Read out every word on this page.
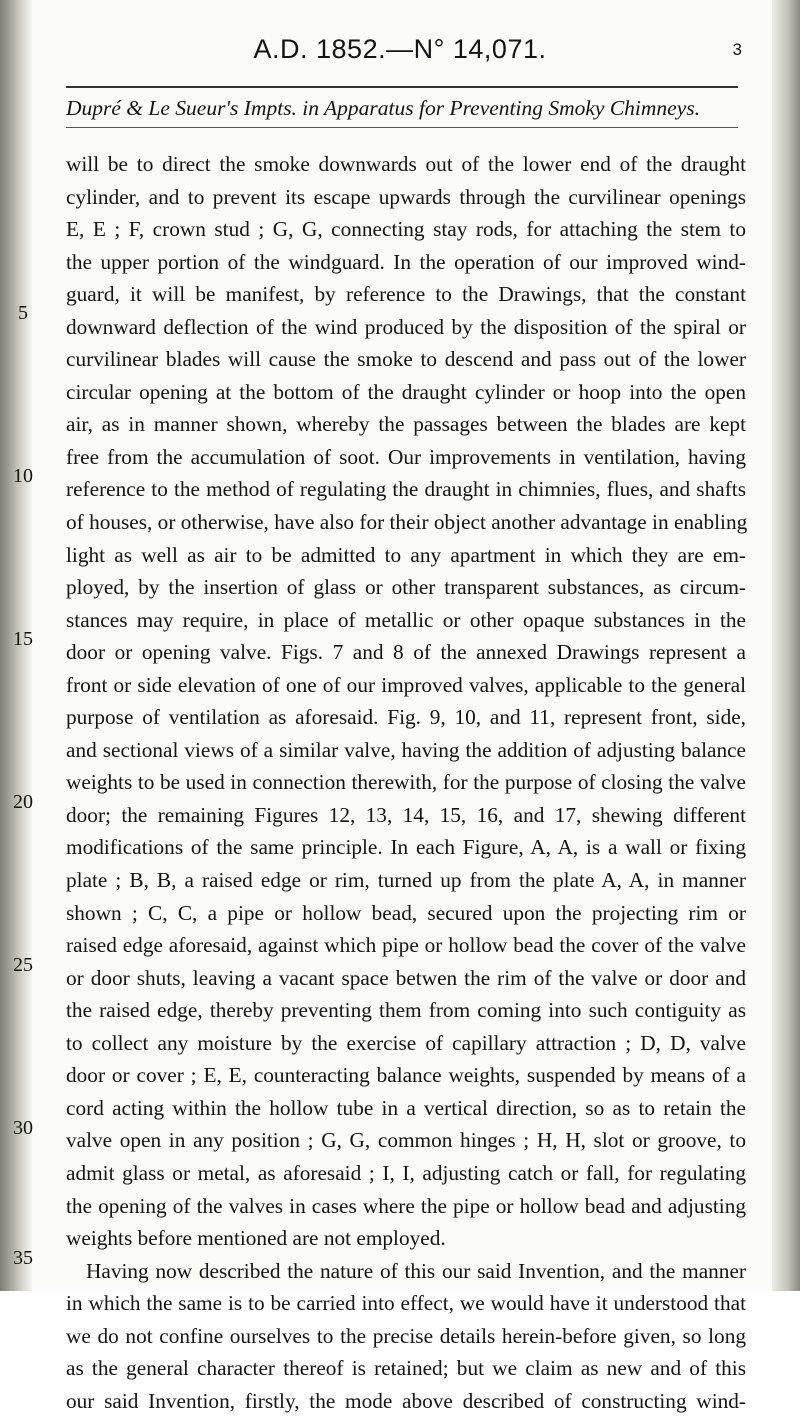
A.D. 1852.—N° 14,071.	3
Dupré & Le Sueur's Impts. in Apparatus for Preventing Smoky Chimneys.
5
10
15
20
25
30
will be to direct the smoke downwards out of the lower end of the draught
cylinder, and to prevent its escape upwards through the curvilinear openings
E, E ; F, crown stud ; G, G, connecting stay rods, for attaching the stem to
the upper portion of the windguard. In the operation of our improved wind-
guard, it will be manifest, by reference to the Drawings, that the constant
downward deflection of the wind produced by the disposition of the spiral or
curvilinear blades will cause the smoke to descend and pass out of the lower
circular opening at the bottom of the draught cylinder or hoop into the open
air, as in manner shown, whereby the passages between the blades are kept
free from the accumulation of soot. Our improvements in ventilation, having
reference to the method of regulating the draught in chimnies, flues, and shafts
of houses, or otherwise, have also for their object another advantage in enabling
light as well as air to be admitted to any apartment in which they are em-
ployed, by the insertion of glass or other transparent substances, as circum-
stances may require, in place of metallic or other opaque substances in the
door or opening valve. Figs. 7 and 8 of the annexed Drawings represent a
front or side elevation of one of our improved valves, applicable to the general
purpose of ventilation as aforesaid. Fig. 9, 10, and 11, represent front, side,
and sectional views of a similar valve, having the addition of adjusting balance
weights to be used in connection therewith, for the purpose of closing the valve
door; the remaining Figures 12, 13, 14, 15, 16, and 17, shewing different
modifications of the same principle. In each Figure, A, A, is a wall or fixing
plate ; B, B, a raised edge or rim, turned up from the plate A, A, in manner
shown ; C, C, a pipe or hollow bead, secured upon the projecting rim or
raised edge aforesaid, against which pipe or hollow bead the cover of the valve
or door shuts, leaving a vacant space betwen the rim of the valve or door and
the raised edge, thereby preventing them from coming into such contiguity as
to collect any moisture by the exercise of capillary attraction ; D, D, valve
door or cover ; E, E, counteracting balance weights, suspended by means of a
cord acting within the hollow tube in a vertical direction, so as to retain the
valve open in any position ; G, G, common hinges ; H, H, slot or groove, to
admit glass or metal, as aforesaid ; I, I, adjusting catch or fall, for regulating
the opening of the valves in cases where the pipe or hollow bead and adjusting
weights before mentioned are not employed.
Having now described the nature of this our said Invention, and the manner
in which the same is to be carried into effect, we would have it understood that
we do not confine ourselves to the precise details herein-before given, so long
as the general character thereof is retained; but we claim as new and of this
our said Invention, firstly, the mode above described of constructing wind-
35
